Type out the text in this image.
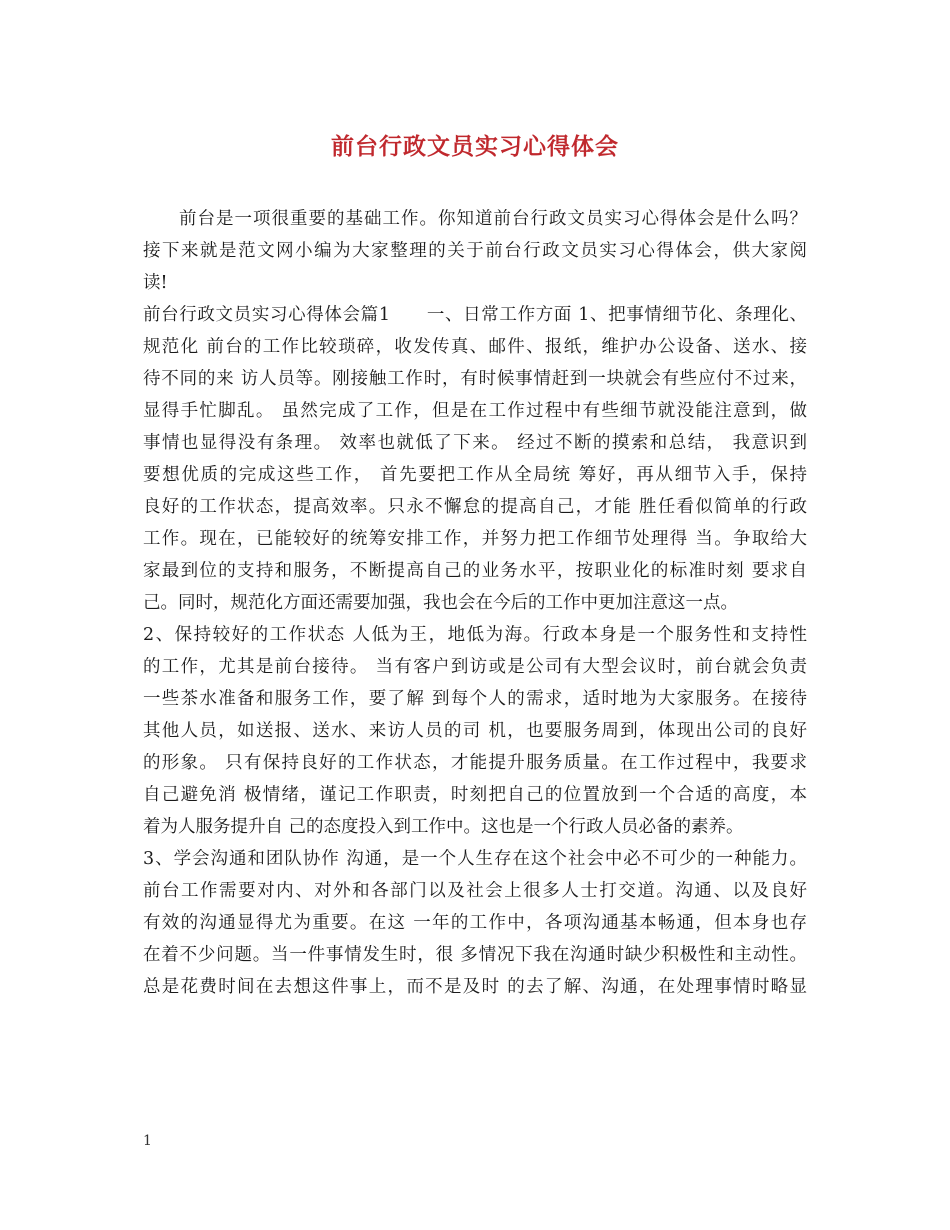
前台行政文员实习心得体会
前台是一项很重要的基础工作。你知道前台行政文员实习心得体会是什么吗？
接下来就是范文网小编为大家整理的关于前台行政文员实习心得体会，供大家阅
读!
前台行政文员实习心得体会篇1　　一、日常工作方面 1、把事情细节化、条理化、
规范化 前台的工作比较琐碎，收发传真、邮件、报纸，维护办公设备、送水、接
待不同的来 访人员等。刚接触工作时，有时候事情赶到一块就会有些应付不过来，
显得手忙脚乱。 虽然完成了工作，但是在工作过程中有些细节就没能注意到，做
事情也显得没有条理。 效率也就低了下来。 经过不断的摸索和总结， 我意识到
要想优质的完成这些工作， 首先要把工作从全局统 筹好，再从细节入手，保持
良好的工作状态，提高效率。只永不懈怠的提高自己，才能 胜任看似简单的行政
工作。现在，已能较好的统筹安排工作，并努力把工作细节处理得 当。争取给大
家最到位的支持和服务，不断提高自己的业务水平，按职业化的标准时刻 要求自
己。同时，规范化方面还需要加强，我也会在今后的工作中更加注意这一点。
2、保持较好的工作状态 人低为王，地低为海。行政本身是一个服务性和支持性
的工作，尤其是前台接待。 当有客户到访或是公司有大型会议时，前台就会负责
一些茶水准备和服务工作，要了解 到每个人的需求，适时地为大家服务。在接待
其他人员，如送报、送水、来访人员的司 机，也要服务周到，体现出公司的良好
的形象。 只有保持良好的工作状态，才能提升服务质量。在工作过程中，我要求
自己避免消 极情绪，谨记工作职责，时刻把自己的位置放到一个合适的高度，本
着为人服务提升自 己的态度投入到工作中。这也是一个行政人员必备的素养。
3、学会沟通和团队协作 沟通，是一个人生存在这个社会中必不可少的一种能力。
前台工作需要对内、对外和各部门以及社会上很多人士打交道。沟通、以及良好
有效的沟通显得尤为重要。在这 一年的工作中，各项沟通基本畅通，但本身也存
在着不少问题。当一件事情发生时，很 多情况下我在沟通时缺少积极性和主动性。
总是花费时间在去想这件事上，而不是及时 的去了解、沟通，在处理事情时略显
1
